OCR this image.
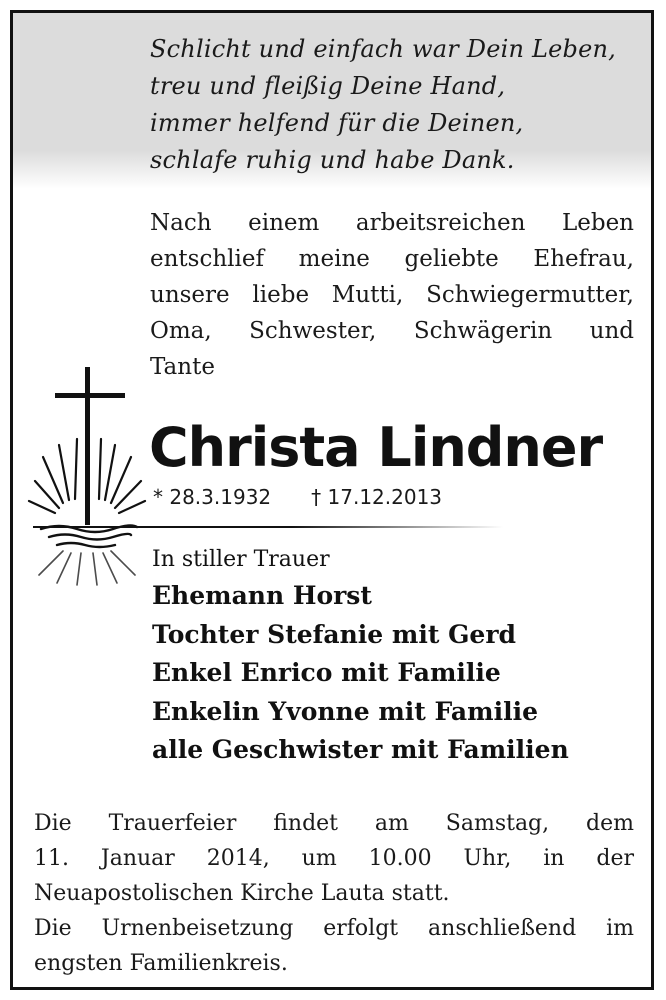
Schlicht und einfach war Dein Leben,
treu und fleißig Deine Hand,
immer helfend für die Deinen,
schlafe ruhig und habe Dank.
Nach einem arbeitsreichen Leben
entschlief meine geliebte Ehefrau,
unsere liebe Mutti, Schwiegermutter,
Oma, Schwester, Schwägerin und
Tante
Christa Lindner
* 28.3.1932 † 17.12.2013
In stiller Trauer
Ehemann Horst
Tochter Stefanie mit Gerd
Enkel Enrico mit Familie
Enkelin Yvonne mit Familie
alle Geschwister mit Familien
Die Trauerfeier findet am Samstag, dem
11. Januar 2014, um 10.00 Uhr, in der
Neuapostolischen Kirche Lauta statt.
Die Urnenbeisetzung erfolgt anschließend im
engsten Familienkreis.
